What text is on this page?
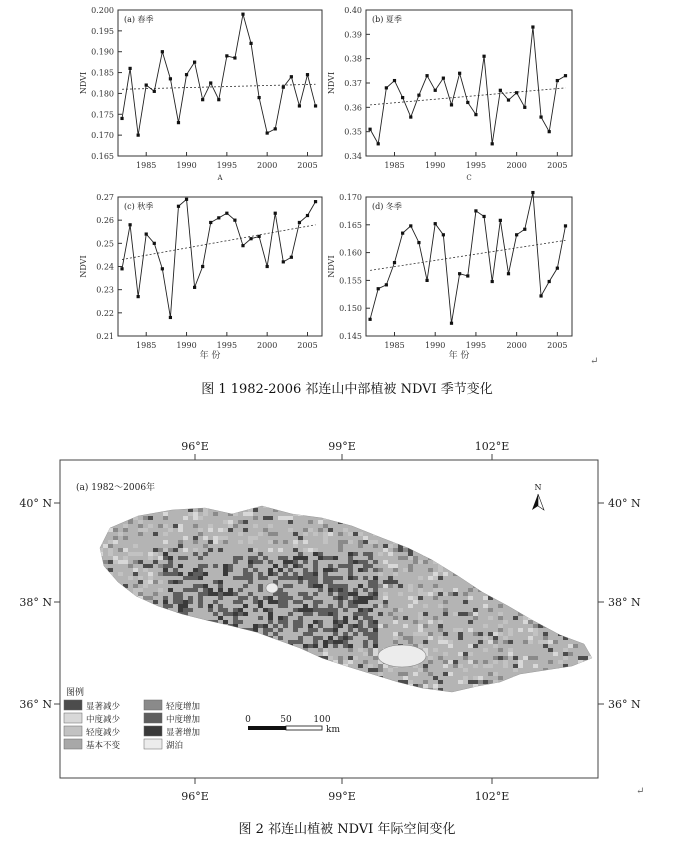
0.165
0.170
0.175
0.180
0.185
0.190
0.195
0.200
1985 1990 1995 2000 2005
NDVI
A
(a) 春季
0.34
0.35
0.36
0.37
0.38
0.39
0.40
1985	1990	1995	2000	2005
NDVI
C
(b) 夏季
0.21
0.22
0.23
0.24
0.25
0.26
0.27
1985 1990 1995 2000 2005
NDVI
年 份
(c) 秋季
0.145
0.150
0.155
0.160
0.165
0.170
1985	1990	1995	2000	2005
NDVI
年 份
(d) 冬季
图 1 1982-2006 祁连山中部植被 NDVI 季节变化
↵
96°E	99°E	102°E
96°E	99°E	102°E
40° N
38° N
36° N
40° N
38° N
36° N
(a) 1982～2006年	N
0	50 100
km
图例
显著减少	轻度增加
中度减少	中度增加
轻度减少	显著增加
基本不变	湖泊
图 2 祁连山植被 NDVI 年际空间变化
↵
